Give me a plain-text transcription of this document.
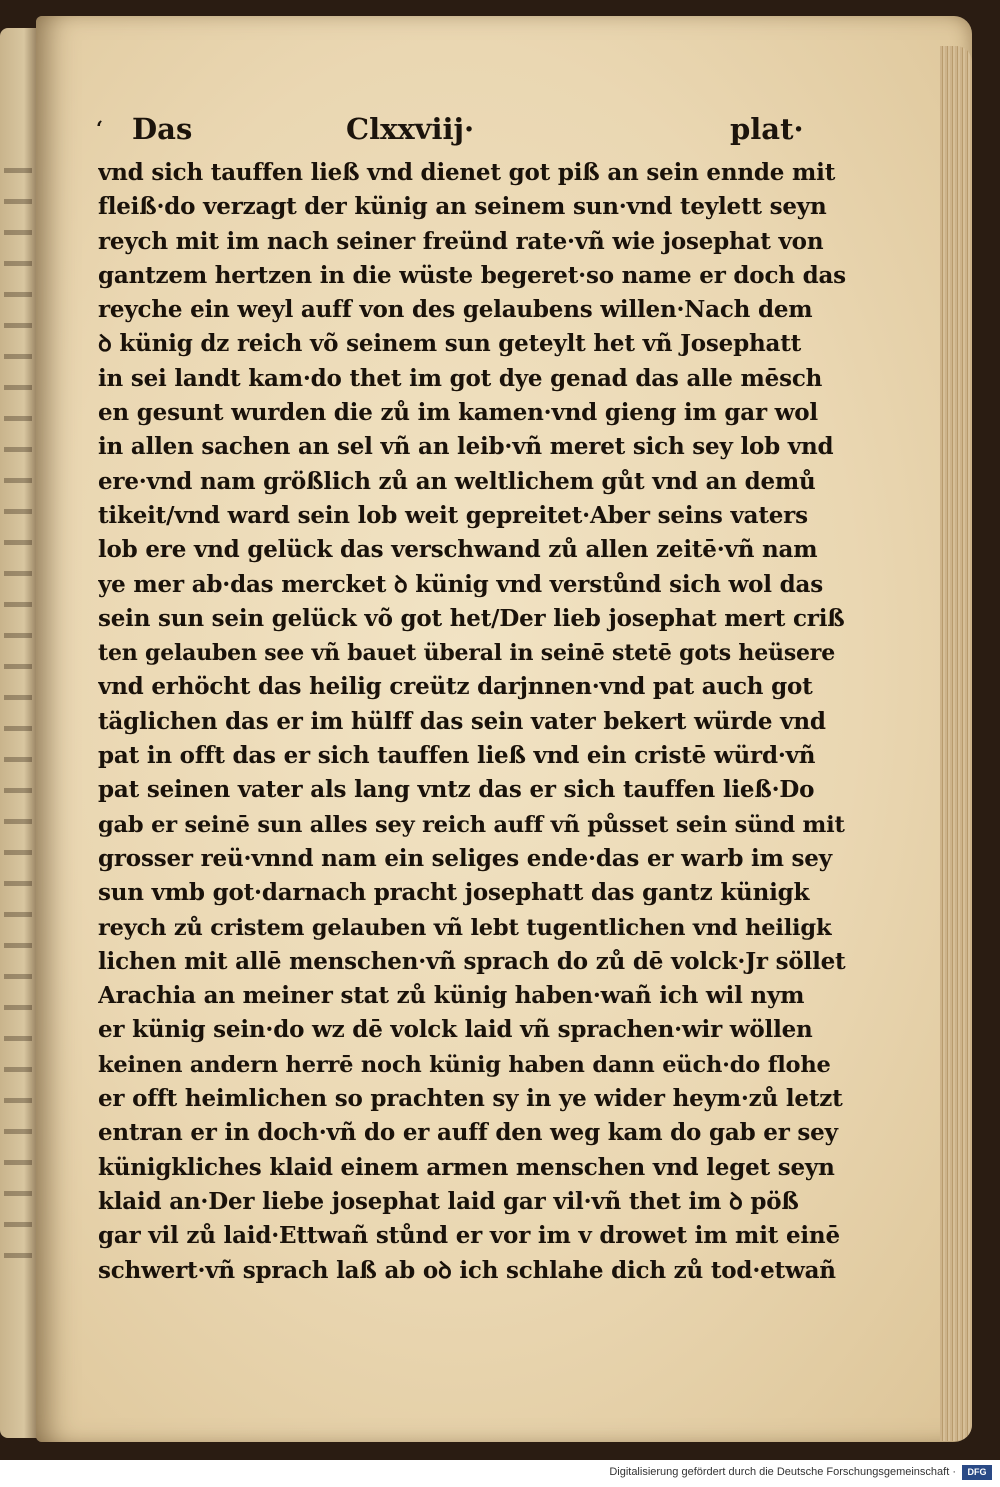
‘ Das	Clxxviij·	plat·
vnd sich tauffen ließ vnd dienet got piß an sein ennde mit
fleiß·do verzagt der künig an seinem sun·vnd teylett seyn
reych mit im nach seiner freünd rate·vñ wie josephat von
gantzem hertzen in die wüste begeret·so name er doch das
reyche ein weyl auff von des gelaubens willen·Nach dem
ꝺ künig dz reich võ seinem sun geteylt het vñ Josephatt
in sei landt kam·do thet im got dye genad das alle mēsch
en gesunt wurden die zů im kamen·vnd gieng im gar wol
in allen sachen an sel vñ an leib·vñ meret sich sey lob vnd
ere·vnd nam größlich zů an weltlichem gůt vnd an demů
tikeit/vnd ward sein lob weit gepreitet·Aber seins vaters
lob ere vnd gelück das verschwand zů allen zeitē·vñ nam
ye mer ab·das mercket ꝺ künig vnd verstůnd sich wol das
sein sun sein gelück võ got het/Der lieb josephat mert criß
ten gelauben see vñ bauet überal in seinē stetē gots heüsere
vnd erhöcht das heilig creütz darjnnen·vnd pat auch got
täglichen das er im hülff das sein vater bekert würde vnd
pat in offt das er sich tauffen ließ vnd ein cristē würd·vñ
pat seinen vater als lang vntz das er sich tauffen ließ·Do
gab er seinē sun alles sey reich auff vñ půsset sein sünd mit
grosser reü·vnnd nam ein seliges ende·das er warb im sey
sun vmb got·darnach pracht josephatt das gantz künigk
reych zů cristem gelauben vñ lebt tugentlichen vnd heiligk
lichen mit allē menschen·vñ sprach do zů dē volck·Jr söllet
Arachia an meiner stat zů künig haben·wañ ich wil nym
er künig sein·do wz dē volck laid vñ sprachen·wir wöllen
keinen andern herrē noch künig haben dann eüch·do flohe
er offt heimlichen so prachten sy in ye wider heym·zů letzt
entran er in doch·vñ do er auff den weg kam do gab er sey
künigkliches klaid einem armen menschen vnd leget seyn
klaid an·Der liebe josephat laid gar vil·vñ thet im ꝺ pöß
gar vil zů laid·Ettwañ stůnd er vor im v drowet im mit einē
schwert·vñ sprach laß ab oꝺ ich schlahe dich zů tod·etwañ
Digitalisierung gefördert durch die Deutsche Forschungsgemeinschaft ·	DFG
